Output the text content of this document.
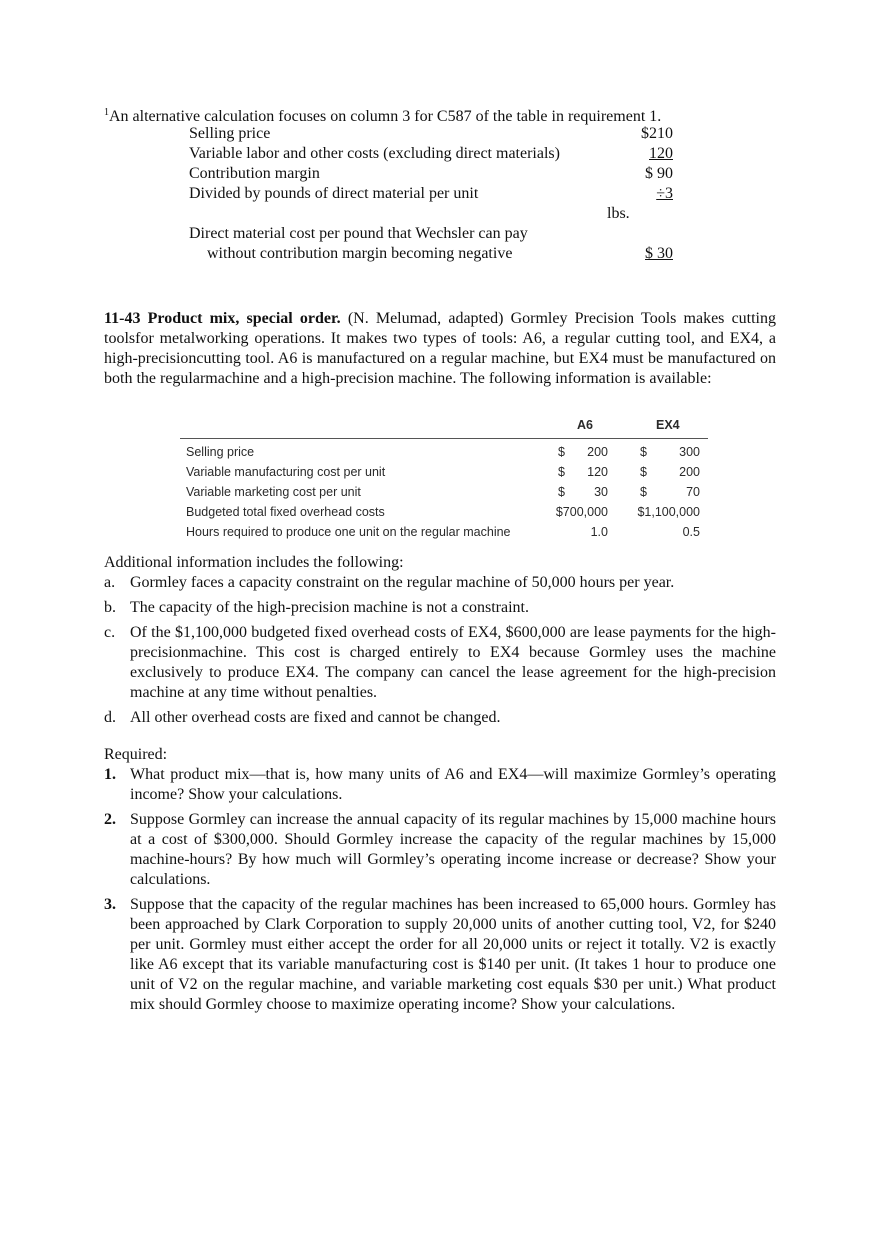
$^1$An alternative calculation focuses on column 3 for C587 of the table in requirement 1.
Selling price	$210
Variable labor and other costs (excluding direct materials)	120
Contribution margin	$ 90
Divided by pounds of direct material per unit	÷3
lbs.
Direct material cost per pound that Wechsler can pay
without contribution margin becoming negative	$ 30
11-43 Product mix, special order. (N. Melumad, adapted) Gormley Precision Tools makes cutting toolsfor metalworking operations. It makes two types of tools: A6, a regular cutting tool, and EX4, a high-precisioncutting tool. A6 is manufactured on a regular machine, but EX4 must be manufactured on both the regularmachine and a high-precision machine. The following information is available:
A6	EX4
Selling price	$ 200	$	300
Variable manufacturing cost per unit	$ 120	$	200
Variable marketing cost per unit	$ 30	$	70
Budgeted total fixed overhead costs	$700,000 $1,100,000
Hours required to produce one unit on the regular machine	1.0	0.5
Additional information includes the following:
a. Gormley faces a capacity constraint on the regular machine of 50,000 hours per year.
b. The capacity of the high-precision machine is not a constraint.
c. Of the $1,100,000 budgeted fixed overhead costs of EX4, $600,000 are lease payments for the high-precisionmachine. This cost is charged entirely to EX4 because Gormley uses the machine exclusively to produce EX4. The company can cancel the lease agreement for the high-precision machine at any time without penalties.
d. All other overhead costs are fixed and cannot be changed.
Required:
1. What product mix—that is, how many units of A6 and EX4—will maximize Gormley’s operating income? Show your calculations.
2. Suppose Gormley can increase the annual capacity of its regular machines by 15,000 machine hours at a cost of $300,000. Should Gormley increase the capacity of the regular machines by 15,000 machine-hours? By how much will Gormley’s operating income increase or decrease? Show your calculations.
3. Suppose that the capacity of the regular machines has been increased to 65,000 hours. Gormley has been approached by Clark Corporation to supply 20,000 units of another cutting tool, V2, for $240 per unit. Gormley must either accept the order for all 20,000 units or reject it totally. V2 is exactly like A6 except that its variable manufacturing cost is $140 per unit. (It takes 1 hour to produce one unit of V2 on the regular machine, and variable marketing cost equals $30 per unit.) What product mix should Gormley choose to maximize operating income? Show your calculations.
